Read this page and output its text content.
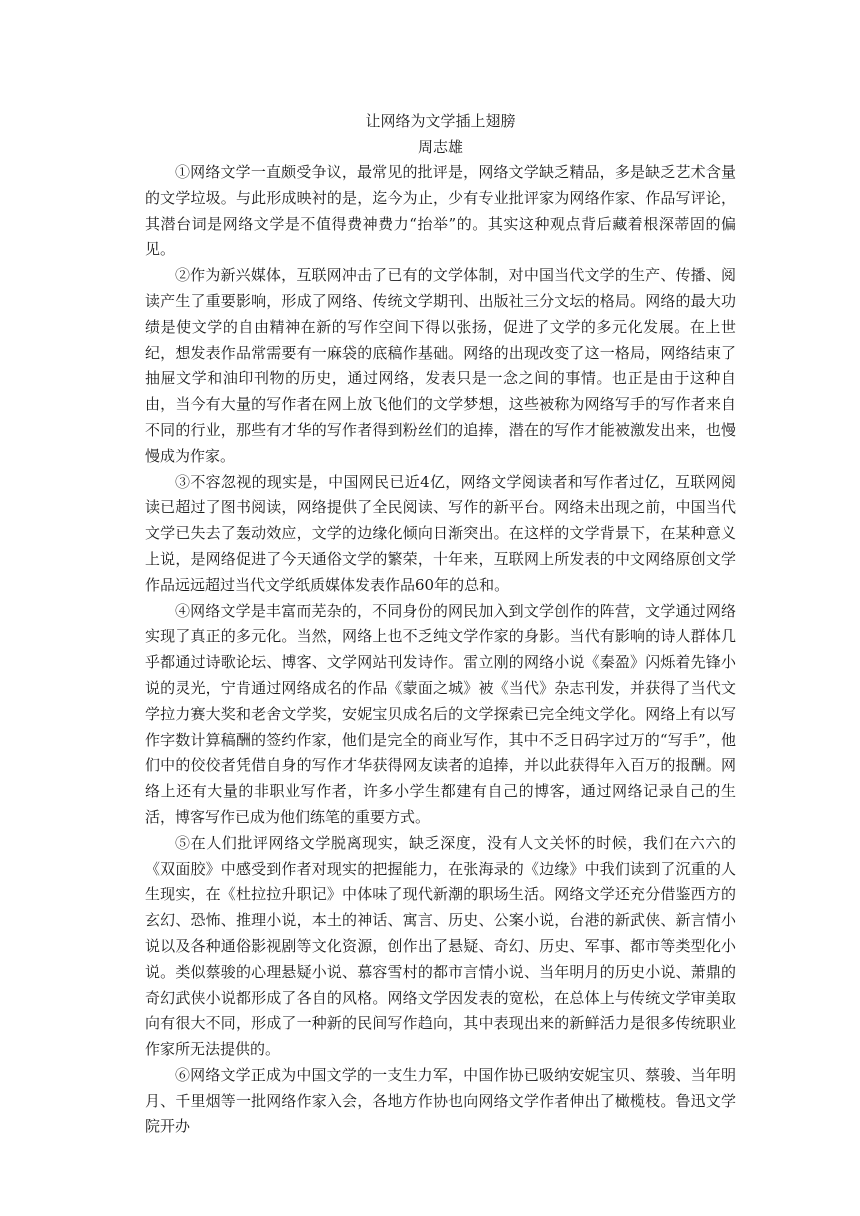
让网络为文学插上翅膀

周志雄

①网络文学一直颇受争议，最常见的批评是，网络文学缺乏精品，多是缺乏艺术含量的文学垃圾。与此形成映衬的是，迄今为止，少有专业批评家为网络作家、作品写评论，其潜台词是网络文学是不值得费神费力“抬举”的。其实这种观点背后藏着根深蒂固的偏见。

②作为新兴媒体，互联网冲击了已有的文学体制，对中国当代文学的生产、传播、阅读产生了重要影响，形成了网络、传统文学期刊、出版社三分文坛的格局。网络的最大功绩是使文学的自由精神在新的写作空间下得以张扬，促进了文学的多元化发展。在上世纪，想发表作品常需要有一麻袋的底稿作基础。网络的出现改变了这一格局，网络结束了抽屉文学和油印刊物的历史，通过网络，发表只是一念之间的事情。也正是由于这种自由，当今有大量的写作者在网上放飞他们的文学梦想，这些被称为网络写手的写作者来自不同的行业，那些有才华的写作者得到粉丝们的追捧，潜在的写作才能被激发出来，也慢慢成为作家。

③不容忽视的现实是，中国网民已近4亿，网络文学阅读者和写作者过亿，互联网阅读已超过了图书阅读，网络提供了全民阅读、写作的新平台。网络未出现之前，中国当代文学已失去了轰动效应，文学的边缘化倾向日渐突出。在这样的文学背景下，在某种意义上说，是网络促进了今天通俗文学的繁荣，十年来，互联网上所发表的中文网络原创文学作品远远超过当代文学纸质媒体发表作品60年的总和。

④网络文学是丰富而芜杂的，不同身份的网民加入到文学创作的阵营，文学通过网络实现了真正的多元化。当然，网络上也不乏纯文学作家的身影。当代有影响的诗人群体几乎都通过诗歌论坛、博客、文学网站刊发诗作。雷立刚的网络小说《秦盈》闪烁着先锋小说的灵光，宁肯通过网络成名的作品《蒙面之城》被《当代》杂志刊发，并获得了当代文学拉力赛大奖和老舍文学奖，安妮宝贝成名后的文学探索已完全纯文学化。网络上有以写作字数计算稿酬的签约作家，他们是完全的商业写作，其中不乏日码字过万的“写手”，他们中的佼佼者凭借自身的写作才华获得网友读者的追捧，并以此获得年入百万的报酬。网络上还有大量的非职业写作者，许多小学生都建有自己的博客，通过网络记录自己的生活，博客写作已成为他们练笔的重要方式。

⑤在人们批评网络文学脱离现实，缺乏深度，没有人文关怀的时候，我们在六六的《双面胶》中感受到作者对现实的把握能力，在张海录的《边缘》中我们读到了沉重的人生现实，在《杜拉拉升职记》中体味了现代新潮的职场生活。网络文学还充分借鉴西方的玄幻、恐怖、推理小说，本土的神话、寓言、历史、公案小说，台港的新武侠、新言情小说以及各种通俗影视剧等文化资源，创作出了悬疑、奇幻、历史、军事、都市等类型化小说。类似蔡骏的心理悬疑小说、慕容雪村的都市言情小说、当年明月的历史小说、萧鼎的奇幻武侠小说都形成了各自的风格。网络文学因发表的宽松，在总体上与传统文学审美取向有很大不同，形成了一种新的民间写作趋向，其中表现出来的新鲜活力是很多传统职业作家所无法提供的。

⑥网络文学正成为中国文学的一支生力军，中国作协已吸纳安妮宝贝、蔡骏、当年明月、千里烟等一批网络作家入会，各地方作协也向网络文学作者伸出了橄榄枝。鲁迅文学院开办
